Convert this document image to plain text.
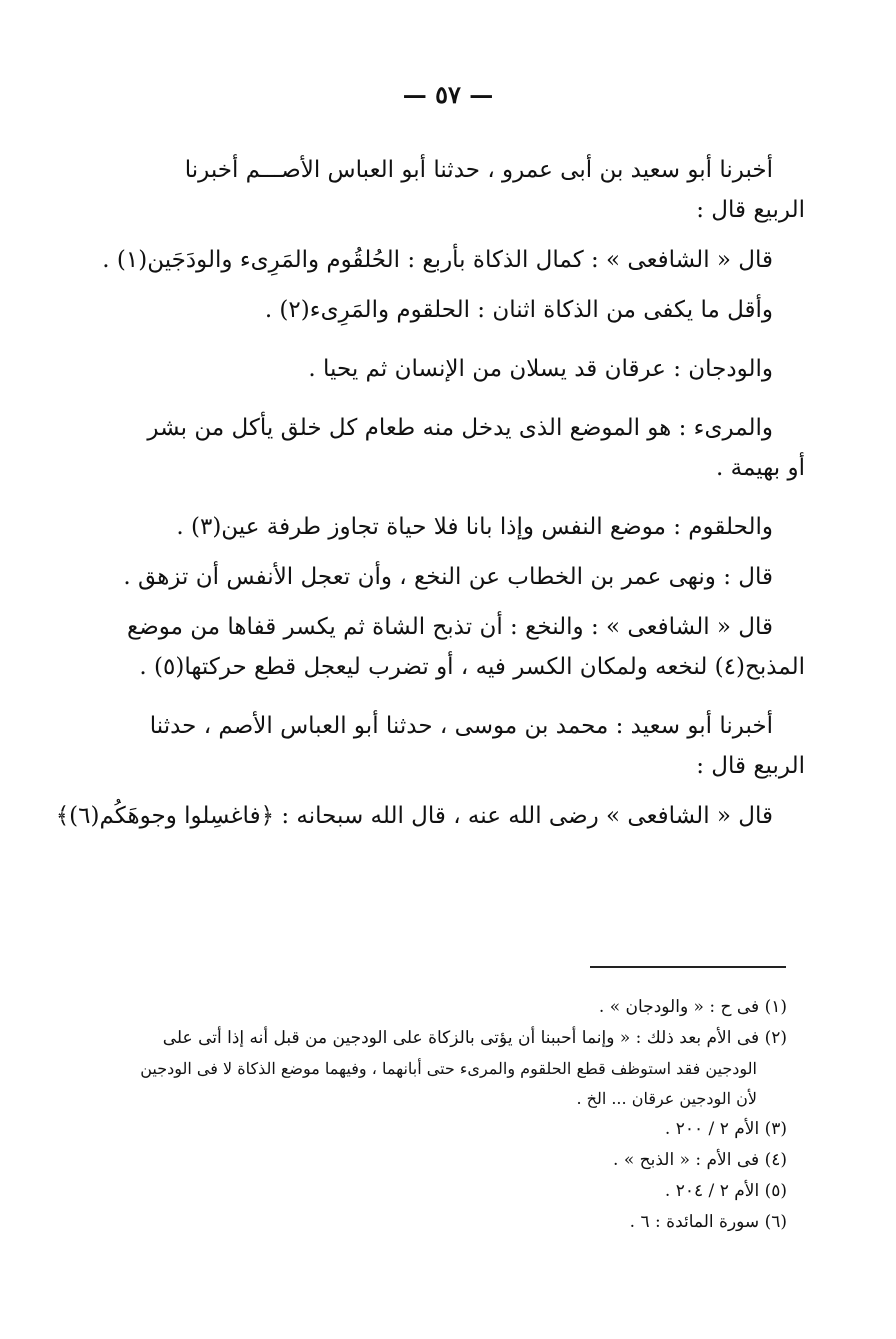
— ٥٧ —
أخبرنا أبو سعيد بن أبى عمرو ، حدثنا أبو العباس الأصـــم أخبرنا
الربيع قال :
قال « الشافعى » : كمال الذكاة بأربع : الحُلقُوم والمَرِىء والودَجَين(١) .
وأقل ما يكفى من الذكاة اثنان : الحلقوم والمَرِىء(٢) .
والودجان : عرقان قد يسلان من الإنسان ثم يحيا .
والمرىء : هو الموضع الذى يدخل منه طعام كل خلق يأكل من بشر
أو بهيمة .
والحلقوم : موضع النفس وإذا بانا فلا حياة تجاوز طرفة عين(٣) .
قال : ونهى عمر بن الخطاب عن النخع ، وأن تعجل الأنفس أن تزهق .
قال « الشافعى » : والنخع : أن تذبح الشاة ثم يكسر قفاها من موضع
المذبح(٤) لنخعه ولمكان الكسر فيه ، أو تضرب ليعجل قطع حركتها(٥) .
أخبرنا أبو سعيد : محمد بن موسى ، حدثنا أبو العباس الأصم ، حدثنا
الربيع قال :
قال « الشافعى » رضى الله عنه ، قال الله سبحانه : ﴿فاغسِلوا وجوهَكُم(٦)﴾
(١) فى ح : « والودجان » .
(٢) فى الأم بعد ذلك : « وإنما أحببنا أن يؤتى بالزكاة على الودجين من قبل أنه إذا أتى على
الودجين فقد استوظف قطع الحلقوم والمرىء حتى أبانهما ، وفيهما موضع الذكاة لا فى الودجين
لأن الودجين عرقان ... الخ .
(٣) الأم ٢ / ٢٠٠ .
(٤) فى الأم : « الذبح » .
(٥) الأم ٢ / ٢٠٤ .
(٦) سورة المائدة : ٦ .
